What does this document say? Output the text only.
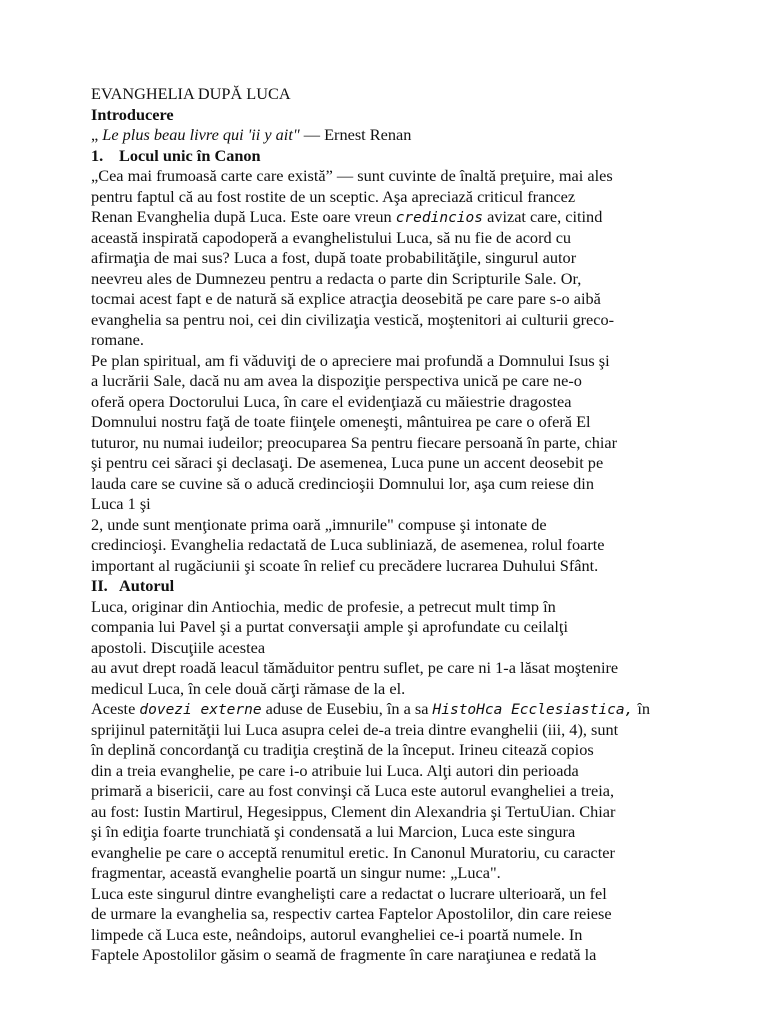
EVANGHELIA DUPĂ LUCA
Introducere
„ Le plus beau livre qui 'ii y ait" — Ernest Renan
1. Locul unic în Canon
„Cea mai frumoasă carte care există” — sunt cuvinte de înaltă preţuire, mai ales
pentru faptul că au fost rostite de un sceptic. Aşa apreciază criticul francez
Renan Evanghelia după Luca. Este oare vreun credincios avizat care, citind
această inspirată capodoperă a evanghelistului Luca, să nu fie de acord cu
afirmaţia de mai sus? Luca a fost, după toate probabilităţile, singurul autor
neevreu ales de Dumnezeu pentru a redacta o parte din Scripturile Sale. Or,
tocmai acest fapt e de natură să explice atracţia deosebită pe care pare s-o aibă
evanghelia sa pentru noi, cei din civilizaţia vestică, moştenitori ai culturii greco-
romane.
Pe plan spiritual, am fi văduviţi de o apreciere mai profundă a Domnului Isus şi
a lucrării Sale, dacă nu am avea la dispoziţie perspectiva unică pe care ne-o
oferă opera Doctorului Luca, în care el evidenţiază cu măiestrie dragostea
Domnului nostru faţă de toate fiinţele omeneşti, mântuirea pe care o oferă El
tuturor, nu numai iudeilor; preocuparea Sa pentru fiecare persoană în parte, chiar
şi pentru cei săraci şi declasaţi. De asemenea, Luca pune un accent deosebit pe
lauda care se cuvine să o aducă credincioşii Domnului lor, aşa cum reiese din
Luca 1 şi
2, unde sunt menţionate prima oară „imnurile" compuse şi intonate de
credincioşi. Evanghelia redactată de Luca subliniază, de asemenea, rolul foarte
important al rugăciunii şi scoate în relief cu precădere lucrarea Duhului Sfânt.
II. Autorul
Luca, originar din Antiochia, medic de profesie, a petrecut mult timp în
compania lui Pavel şi a purtat conversaţii ample şi aprofundate cu ceilalţi
apostoli. Discuţiile acestea
au avut drept roadă leacul tămăduitor pentru suflet, pe care ni 1-a lăsat moştenire
medicul Luca, în cele două cărţi rămase de la el.
Aceste dovezi externe aduse de Eusebiu, în a sa HistoHca Ecclesiastica, în
sprijinul paternităţii lui Luca asupra celei de-a treia dintre evanghelii (iii, 4), sunt
în deplină concordanţă cu tradiţia creştină de la început. Irineu citează copios
din a treia evanghelie, pe care i-o atribuie lui Luca. Alţi autori din perioada
primară a bisericii, care au fost convinşi că Luca este autorul evangheliei a treia,
au fost: Iustin Martirul, Hegesippus, Clement din Alexandria şi TertuUian. Chiar
şi în ediţia foarte trunchiată şi condensată a lui Marcion, Luca este singura
evanghelie pe care o acceptă renumitul eretic. In Canonul Muratoriu, cu caracter
fragmentar, această evanghelie poartă un singur nume: „Luca".
Luca este singurul dintre evanghelişti care a redactat o lucrare ulterioară, un fel
de urmare la evanghelia sa, respectiv cartea Faptelor Apostolilor, din care reiese
limpede că Luca este, neândoips, autorul evangheliei ce-i poartă numele. In
Faptele Apostolilor găsim o seamă de fragmente în care naraţiunea e redată la
